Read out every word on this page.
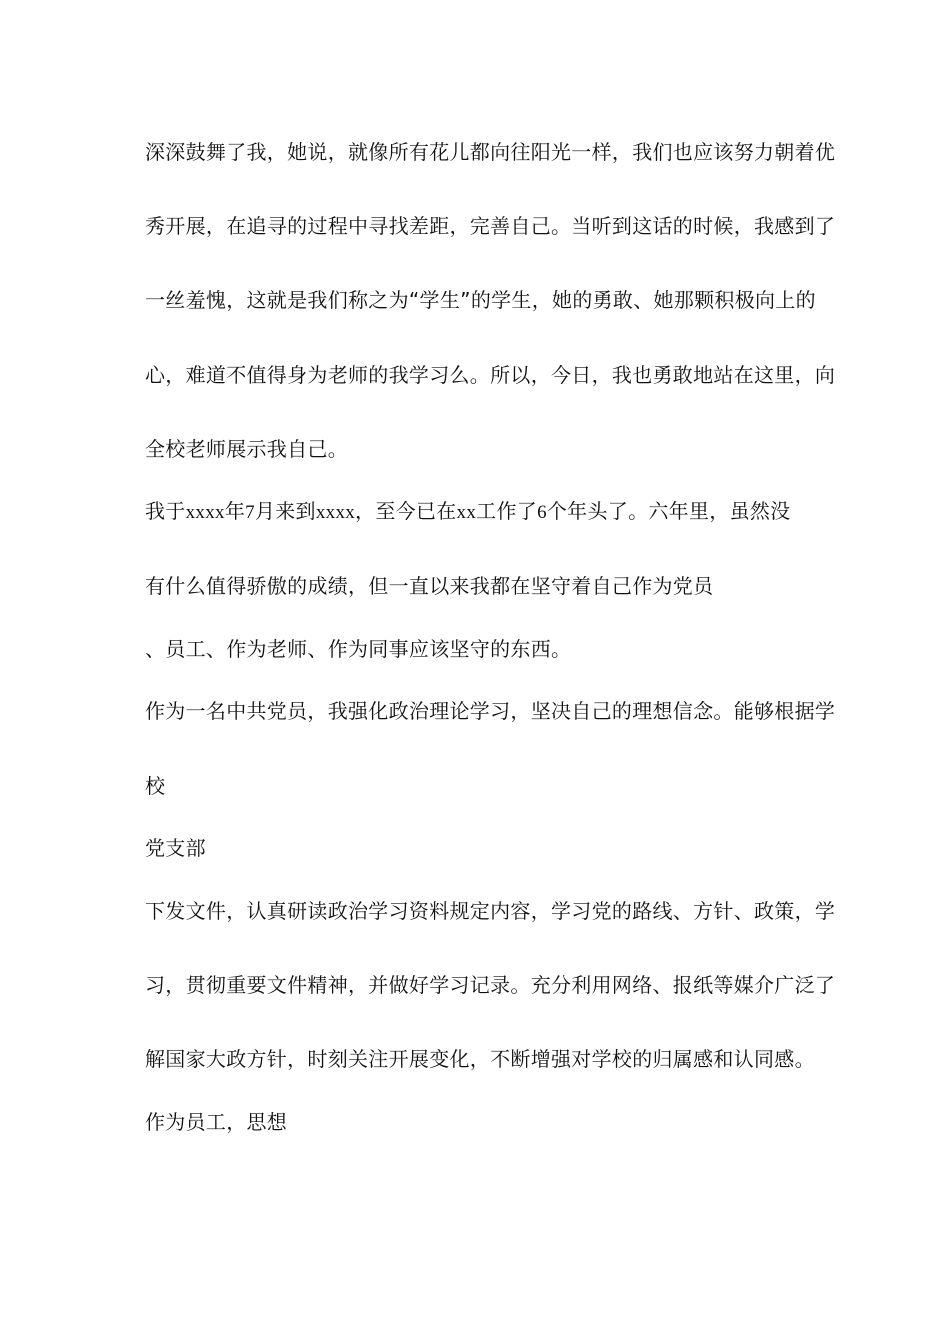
深深鼓舞了我，她说，就像所有花儿都向往阳光一样，我们也应该努力朝着优
秀开展，在追寻的过程中寻找差距，完善自己。当听到这话的时候，我感到了
一丝羞愧，这就是我们称之为“学生”的学生，她的勇敢、她那颗积极向上的
心，难道不值得身为老师的我学习么。所以，今日，我也勇敢地站在这里，向
全校老师展示我自己。
我于xxxx年7月来到xxxx，至今已在xx工作了6个年头了。六年里，虽然没
有什么值得骄傲的成绩，但一直以来我都在坚守着自己作为党员
、员工、作为老师、作为同事应该坚守的东西。
作为一名中共党员，我强化政治理论学习，坚决自己的理想信念。能够根据学
校
党支部
下发文件，认真研读政治学习资料规定内容，学习党的路线、方针、政策，学
习，贯彻重要文件精神，并做好学习记录。充分利用网络、报纸等媒介广泛了
解国家大政方针，时刻关注开展变化，不断增强对学校的归属感和认同感。
作为员工，思想
